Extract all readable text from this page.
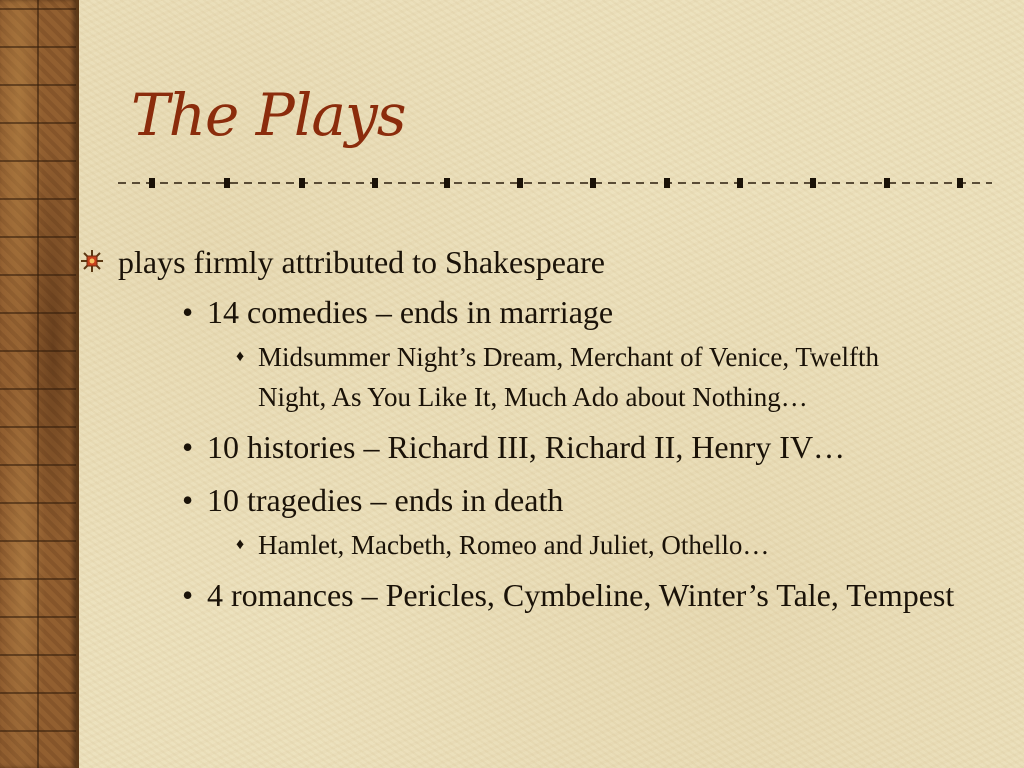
The Plays
plays firmly attributed to Shakespeare
• 14 comedies – ends in marriage
♦ Midsummer Night’s Dream, Merchant of Venice, Twelfth Night, As You Like It, Much Ado about Nothing…
• 10 histories – Richard III, Richard II, Henry IV…
• 10 tragedies – ends in death
♦ Hamlet, Macbeth, Romeo and Juliet, Othello…
• 4 romances – Pericles, Cymbeline, Winter’s Tale, Tempest
